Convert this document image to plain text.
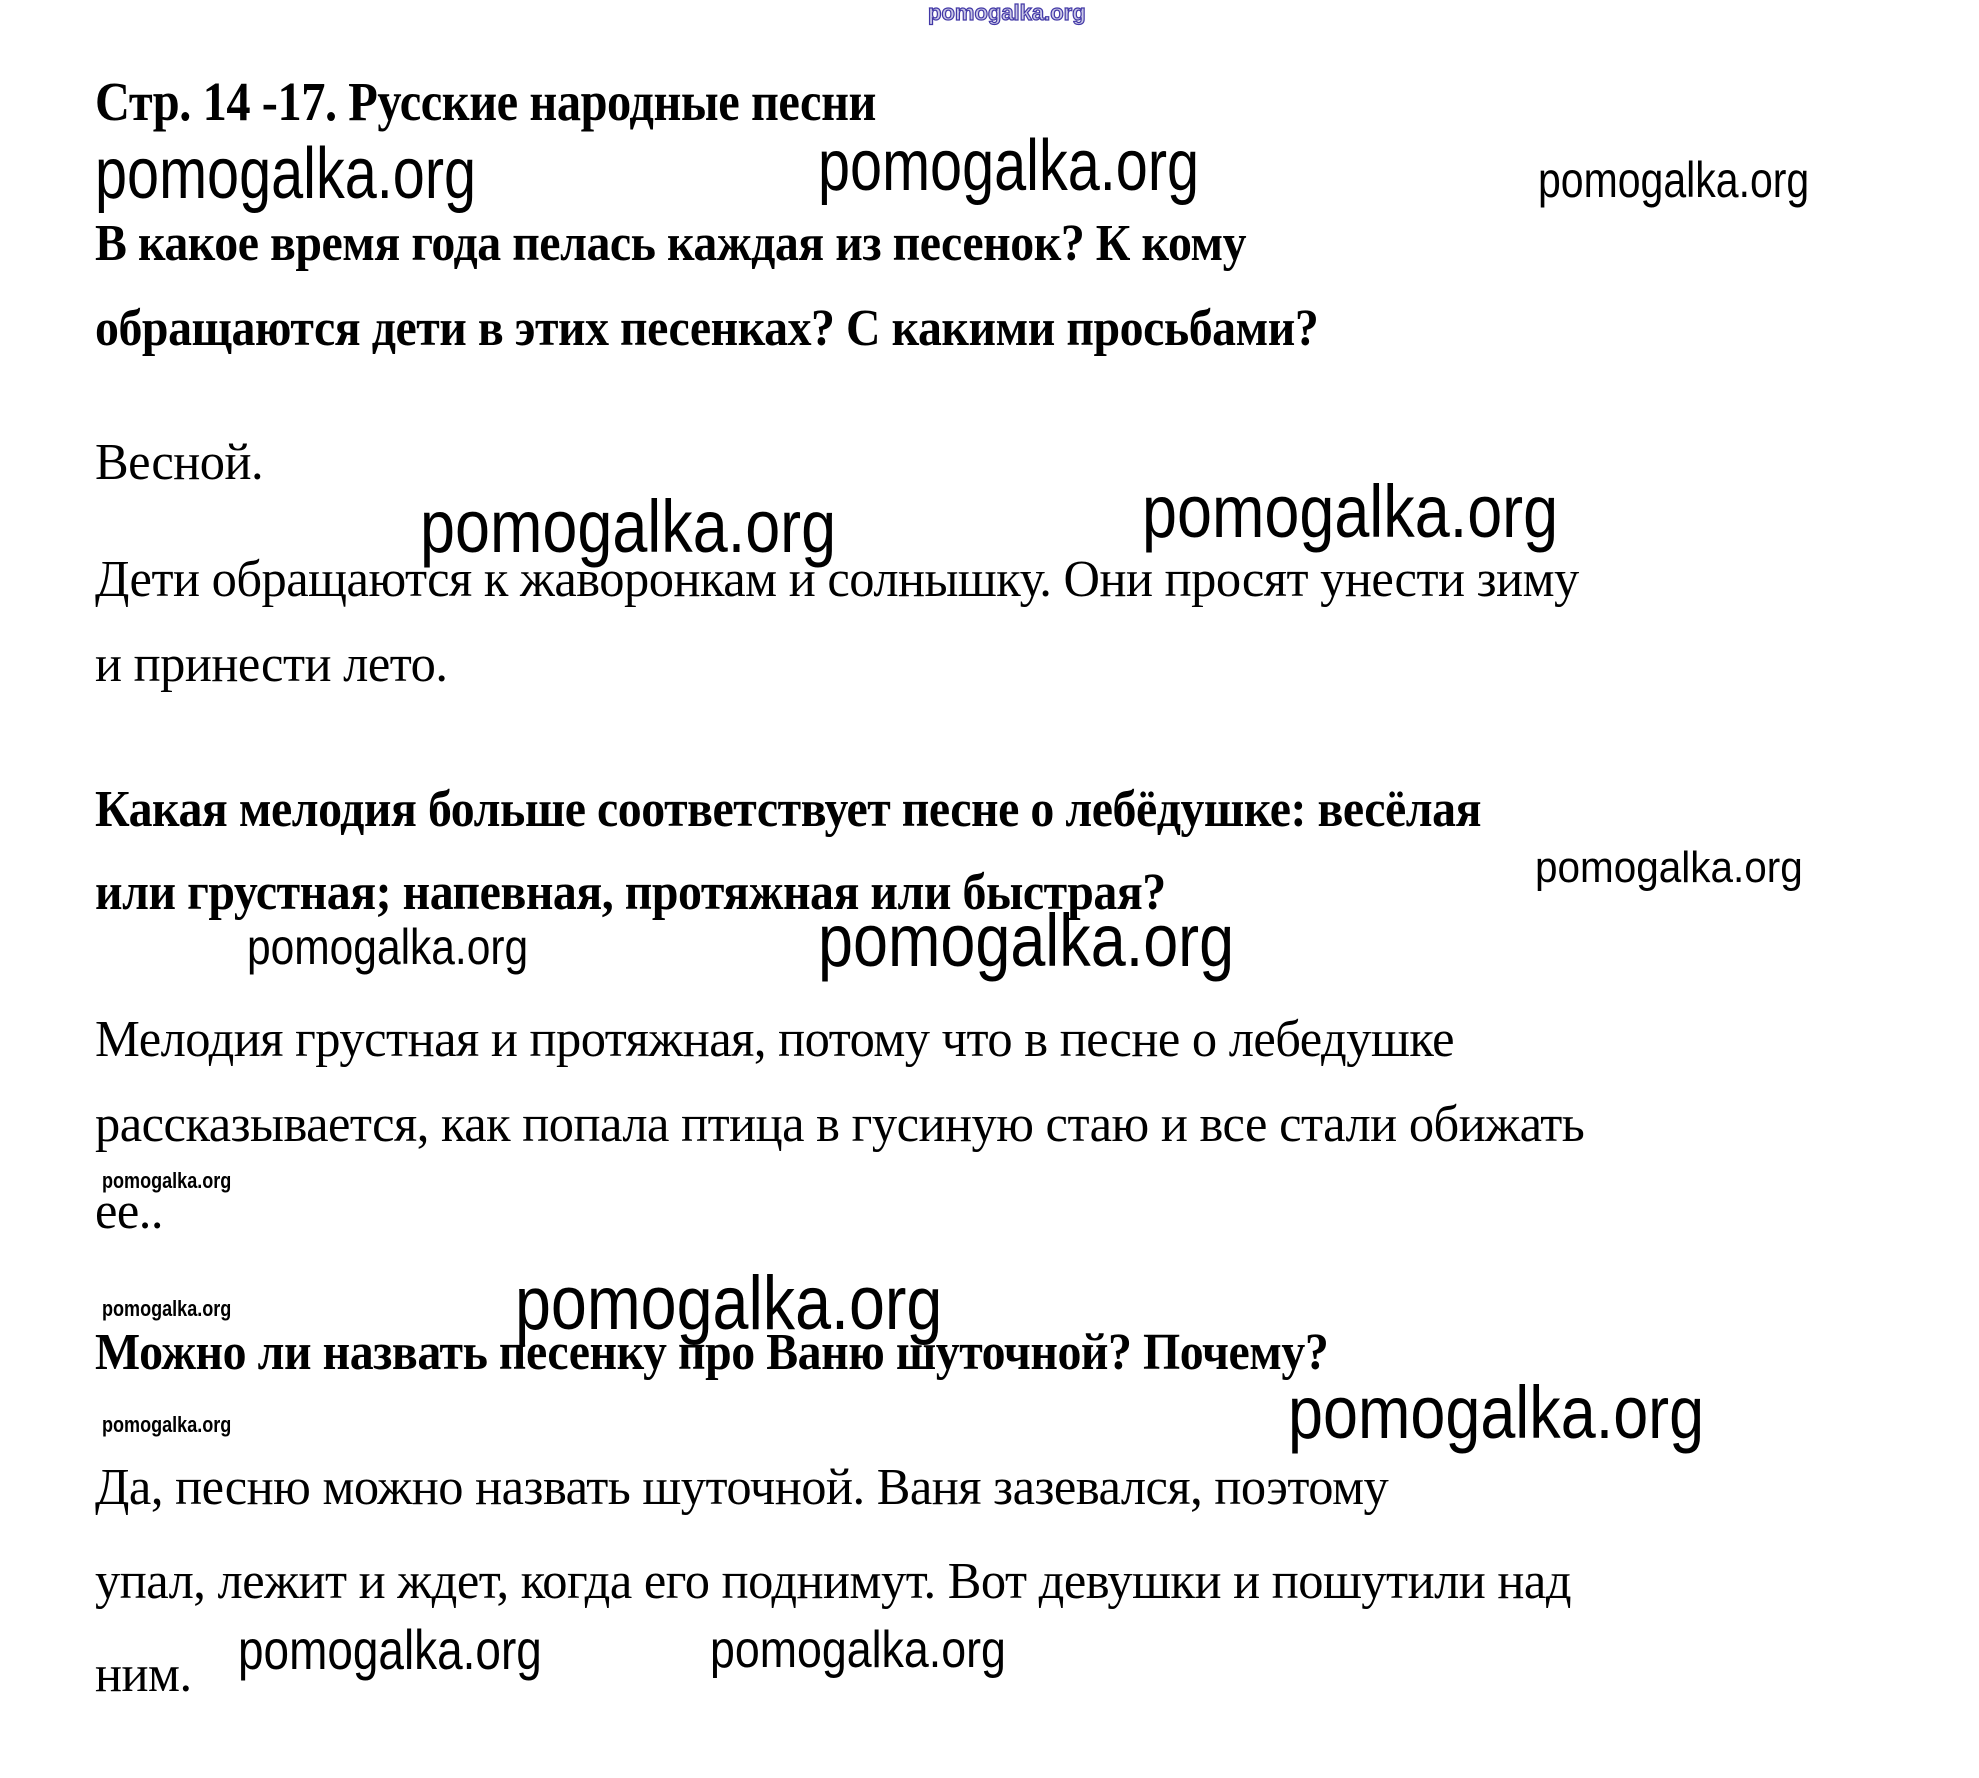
pomogalka.org
Стр. 14 -17. Русские народные песни
pomogalka.org	pomogalka.org	pomogalka.org
В какое время года пелась каждая из песенок? К кому
обращаются дети в этих песенках? С какими просьбами?
Весной.
pomogalka.org	pomogalka.org
Дети обращаются к жаворонкам и солнышку. Они просят унести зиму
и принести лето.
Какая мелодия больше соответствует песне о лебёдушке: весёлая
или грустная; напевная, протяжная или быстрая?	pomogalka.org
pomogalka.org	pomogalka.org
Мелодия грустная и протяжная, потому что в песне о лебедушке
рассказывается, как попала птица в гусиную стаю и все стали обижать
pomogalka.org
ее..
pomogalka.org
pomogalka.org
Можно ли назвать песенку про Ваню шуточной? Почему?
pomogalka.org
pomogalka.org
Да, песню можно назвать шуточной. Ваня зазевался, поэтому
упал, лежит и ждет, когда его поднимут. Вот девушки и пошутили над
ним. pomogalka.org	pomogalka.org
